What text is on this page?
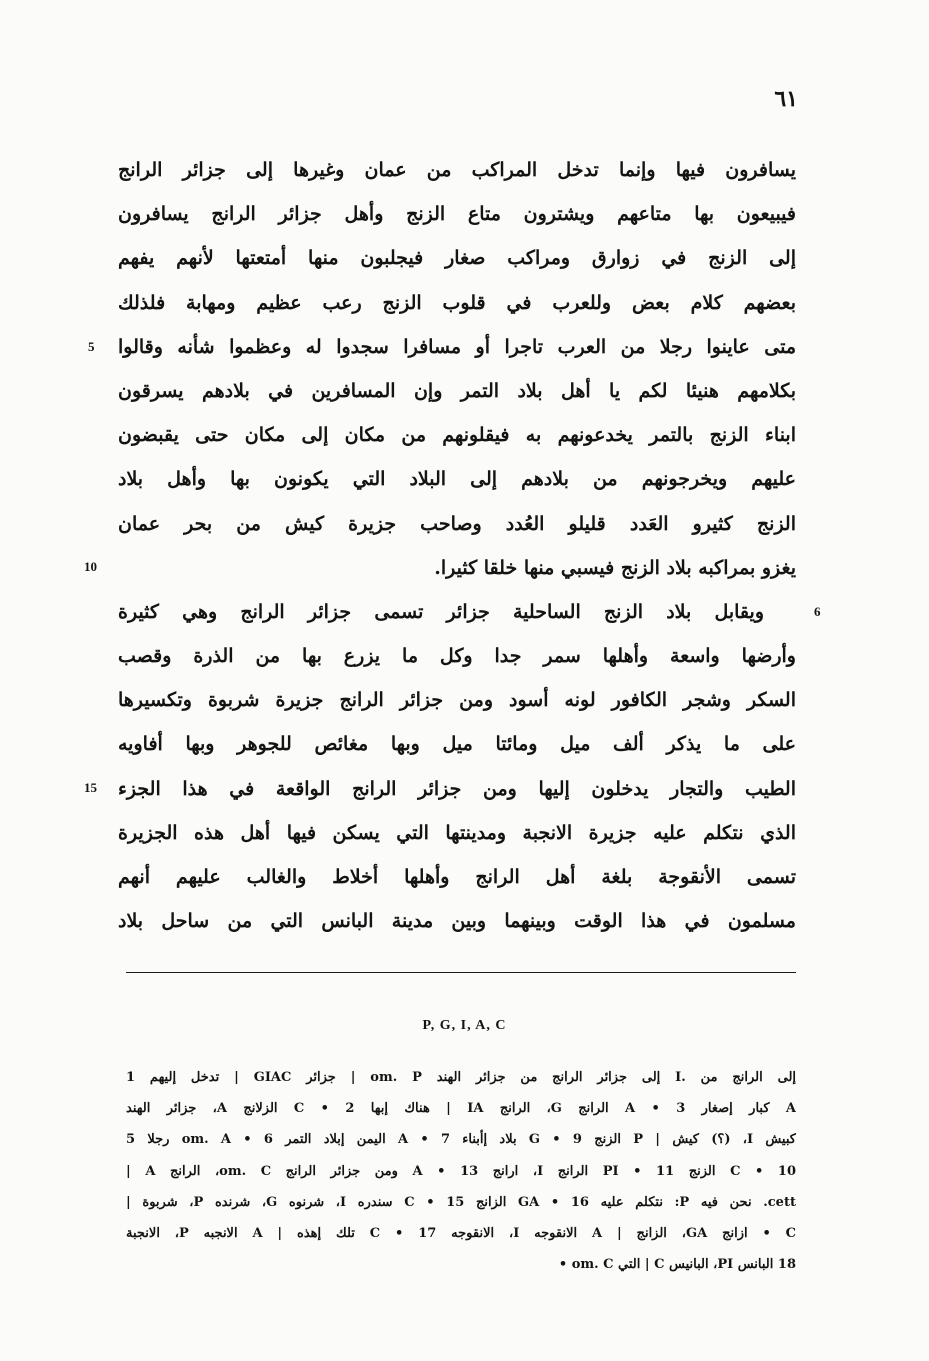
٦١
يسافرون فيها وإنما تدخل المراكب من عمان وغيرها إلى جزائر الرانج
فيبيعون بها متاعهم ويشترون متاع الزنج وأهل جزائر الرانج يسافرون
إلى الزنج في زوارق ومراكب صغار فيجلبون منها أمتعتها لأنهم يفهم
بعضهم كلام بعض وللعرب في قلوب الزنج رعب عظيم ومهابة فلذلك
متى عاينوا رجلا من العرب تاجرا أو مسافرا سجدوا له وعظموا شأنه وقالوا
بكلامهم هنيئا لكم يا أهل بلاد التمر وإن المسافرين في بلادهم يسرقون
ابناء الزنج بالتمر يخدعونهم به فيقلونهم من مكان إلى مكان حتى يقبضون
عليهم ويخرجونهم من بلادهم إلى البلاد التي يكونون بها وأهل بلاد
الزنج كثيرو العَدد قليلو العُدد وصاحب جزيرة كيش من بحر عمان
يغزو بمراكبه بلاد الزنج فيسبي منها خلقا كثيرا.
ويقابل بلاد الزنج الساحلية جزائر تسمى جزائر الرانج وهي كثيرة
وأرضها واسعة وأهلها سمر جدا وكل ما يزرع بها من الذرة وقصب
السكر وشجر الكافور لونه أسود ومن جزائر الرانج جزيرة شربوة وتكسيرها
على ما يذكر ألف ميل ومائتا ميل وبها مغائص للجوهر وبها أفاويه
الطيب والتجار يدخلون إليها ومن جزائر الرانج الواقعة في هذا الجزء
الذي نتكلم عليه جزيرة الانجبة ومدينتها التي يسكن فيها أهل هذه الجزيرة
تسمى الأنقوجة بلغة أهل الرانج وأهلها أخلاط والغالب عليهم أنهم
مسلمون في هذا الوقت وبينهما وبين مدينة البانس التي من ساحل بلاد
5
10
6
15
P, G, I, A, C
إلى الرانج من .I إلى جزائر الرانج من جزائر الهند om. P | جزائر GIAC | تدخل إليهم 1
A كبار إصغار 3 • A الرانج G، الرانج IA | هناك إبها 2 • C الزلانج A، جزائر الهند
كبيش I، (؟) كيش | P الزنج 9 • G بلاد إأبناء 7 • A اليمن إبلاد التمر 6 • om. A رجلا 5
C • 10 الزنج PI • 11 الرانج I، ارانج A • 13 ومن جزائر الرانج om. C، الرانج A |
cett. نحن فيه P: نتكلم عليه 16 • GA الزانج 15 • C سندره I، شرنوه G، شرنده P، شربوة |
C • ازانج GA، الزانج | A الانقوجه I، الانقوجه 17 • C تلك إهذه | A الانجبه P، الانجبة
18 البانس PI، البانيس C | التي om. C •
